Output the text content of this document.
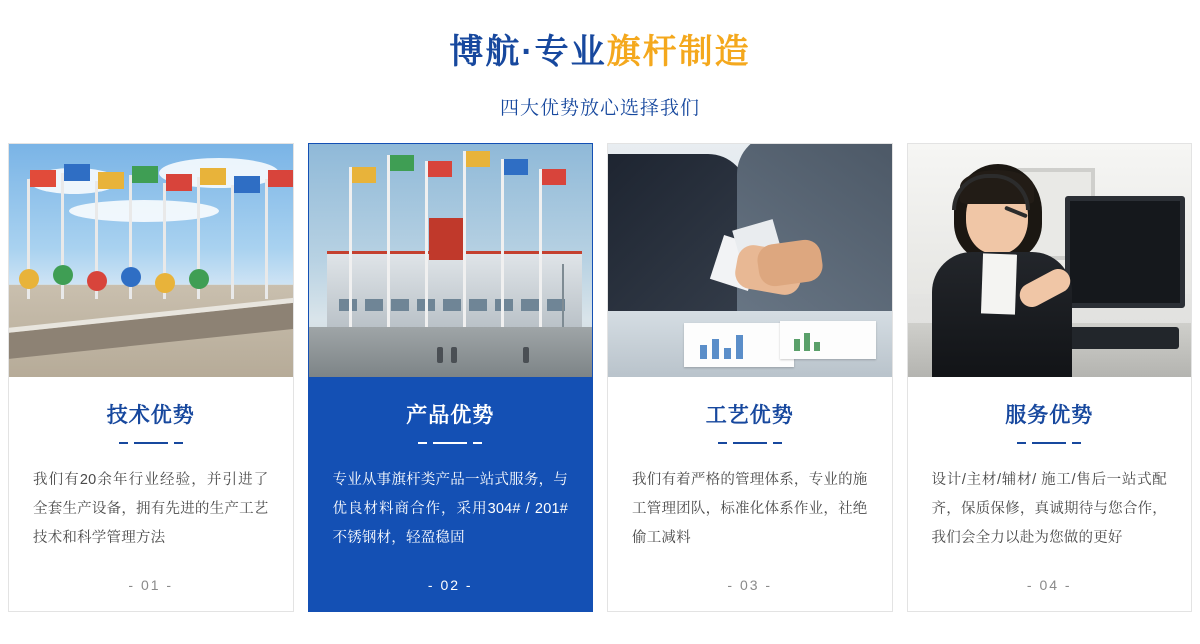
博航·专业旗杆制造
四大优势放心选择我们
技术优势

我们有20余年行业经验，并引进了全套生产设备，拥有先进的生产工艺技术和科学管理方法

- 01 -
产品优势

专业从事旗杆类产品一站式服务，与优良材料商合作，采用304# / 201#不锈钢材，轻盈稳固

- 02 -
工艺优势

我们有着严格的管理体系，专业的施工管理团队，标准化体系作业，社绝偷工减料

- 03 -
服务优势

设计/主材/辅材/ 施工/售后一站式配齐，保质保修，真诚期待与您合作，我们会全力以赴为您做的更好

- 04 -
